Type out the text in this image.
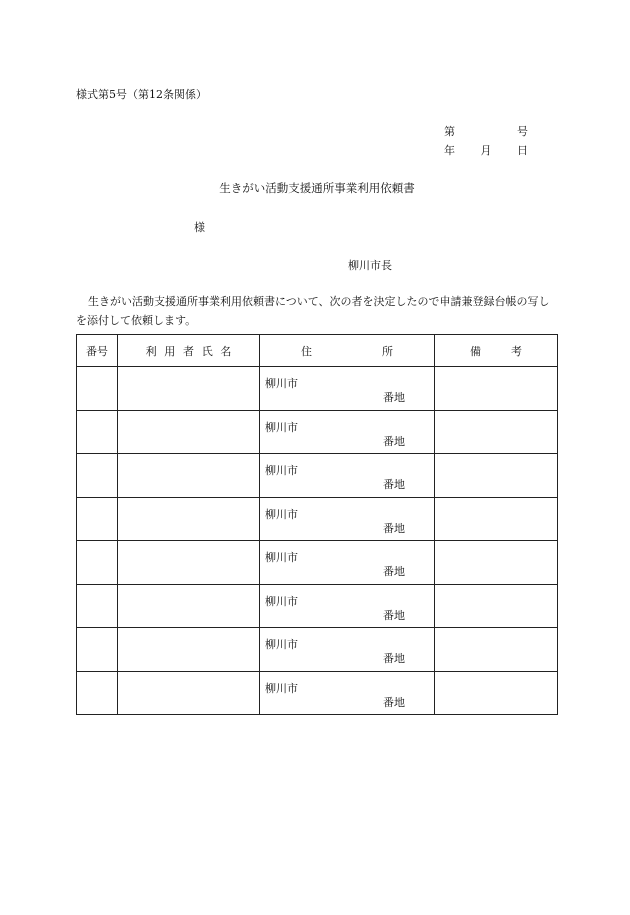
様式第5号（第12条関係）
第	号
年 月 日
生きがい活動支援通所事業利用依頼書
様
柳川市長
生きがい活動支援通所事業利用依頼書について、次の者を決定したので申請兼登録台帳の写しを添付して依頼します。
番号	利用者氏名	住 所	備 考

		柳川市
番地	

		柳川市
番地	

		柳川市
番地	

		柳川市
番地	

		柳川市
番地	

		柳川市
番地	

		柳川市
番地	

		柳川市
番地	
